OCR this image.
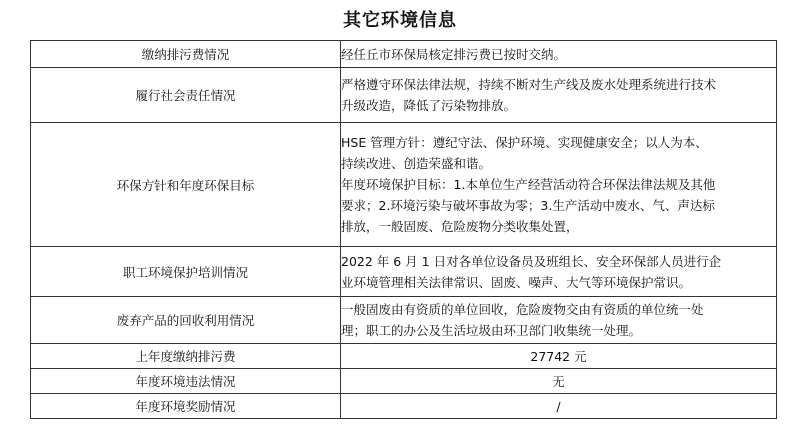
其它环境信息
缴纳排污费情况	经任丘市环保局核定排污费已按时交纳。

履行社会责任情况	严格遵守环保法律法规，持续不断对生产线及废水处理系统进行技术
升级改造，降低了污染物排放。

环保方针和年度环保目标	HSE 管理方针：遵纪守法、保护环境、实现健康安全；以人为本、
持续改进、创造荣盛和谐。
年度环境保护目标：1.本单位生产经营活动符合环保法律法规及其他
要求；2.环境污染与破坏事故为零；3.生产活动中废水、气、声达标
排放，一般固废、危险废物分类收集处置，

职工环境保护培训情况	2022 年 6 月 1 日对各单位设备员及班组长、安全环保部人员进行企
业环境管理相关法律常识、固废、噪声、大气等环境保护常识。

废弃产品的回收利用情况	一般固废由有资质的单位回收，危险废物交由有资质的单位统一处
理；职工的办公及生活垃圾由环卫部门收集统一处理。

上年度缴纳排污费	27742 元
年度环境违法情况	无
年度环境奖励情况	/
